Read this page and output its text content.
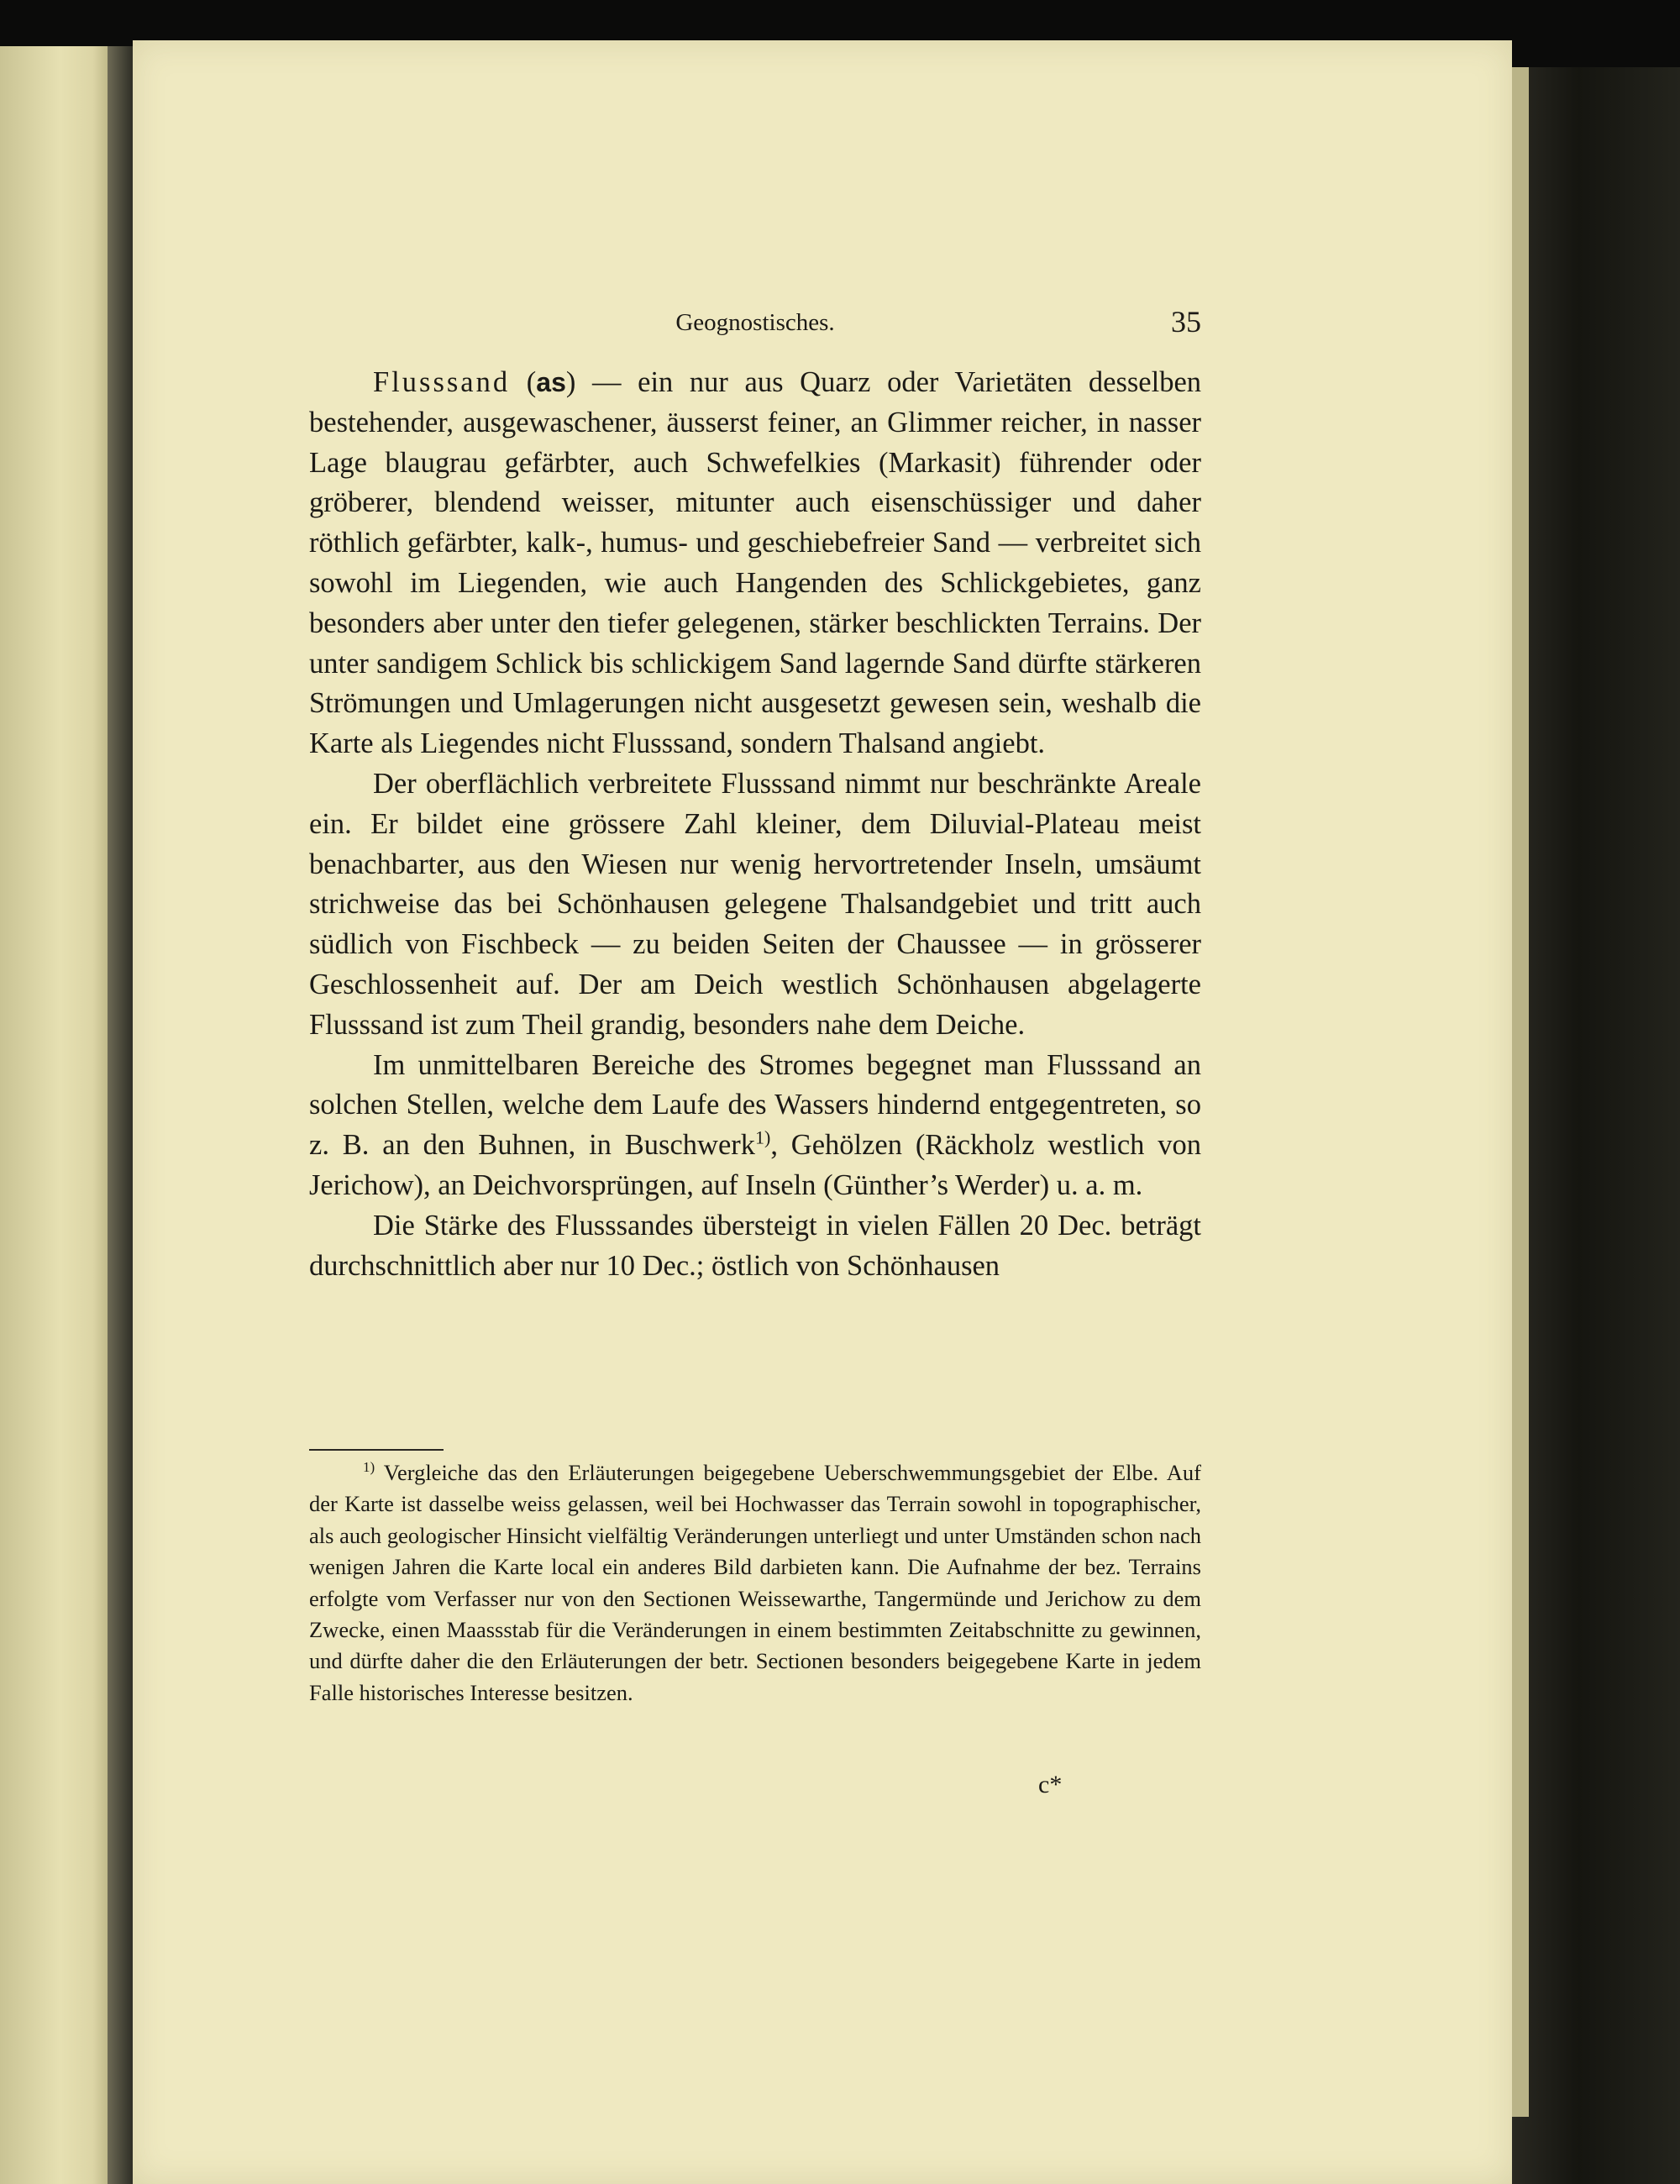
Geognostisches.	35

Flusssand (as) — ein nur aus Quarz oder Varietäten desselben bestehender, ausgewaschener, äusserst feiner, an Glimmer reicher, in nasser Lage blaugrau gefärbter, auch Schwefelkies (Markasit) führender oder gröberer, blendend weisser, mitunter auch eisenschüssiger und daher röthlich gefärbter, kalk-, humus- und geschiebefreier Sand — verbreitet sich sowohl im Liegenden, wie auch Hangenden des Schlickgebietes, ganz besonders aber unter den tiefer gelegenen, stärker beschlickten Terrains. Der unter sandigem Schlick bis schlickigem Sand lagernde Sand dürfte stärkeren Strömungen und Umlagerungen nicht ausgesetzt gewesen sein, weshalb die Karte als Liegendes nicht Flusssand, sondern Thalsand angiebt.

Der oberflächlich verbreitete Flusssand nimmt nur beschränkte Areale ein. Er bildet eine grössere Zahl kleiner, dem Diluvial-Plateau meist benachbarter, aus den Wiesen nur wenig hervortretender Inseln, umsäumt strichweise das bei Schönhausen gelegene Thalsandgebiet und tritt auch südlich von Fischbeck — zu beiden Seiten der Chaussee — in grösserer Geschlossenheit auf. Der am Deich westlich Schönhausen abgelagerte Flusssand ist zum Theil grandig, besonders nahe dem Deiche.

Im unmittelbaren Bereiche des Stromes begegnet man Flusssand an solchen Stellen, welche dem Laufe des Wassers hindernd entgegentreten, so z. B. an den Buhnen, in Buschwerk$^{1)}$, Gehölzen (Räckholz westlich von Jerichow), an Deichvorsprüngen, auf Inseln (Günther’s Werder) u. a. m.

Die Stärke des Flusssandes übersteigt in vielen Fällen 20 Dec. beträgt durchschnittlich aber nur 10 Dec.; östlich von Schönhausen

$^{1)}$ Vergleiche das den Erläuterungen beigegebene Ueberschwemmungsgebiet der Elbe. Auf der Karte ist dasselbe weiss gelassen, weil bei Hochwasser das Terrain sowohl in topographischer, als auch geologischer Hinsicht vielfältig Veränderungen unterliegt und unter Umständen schon nach wenigen Jahren die Karte local ein anderes Bild darbieten kann. Die Aufnahme der bez. Terrains erfolgte vom Verfasser nur von den Sectionen Weissewarthe, Tangermünde und Jerichow zu dem Zwecke, einen Maassstab für die Veränderungen in einem bestimmten Zeitabschnitte zu gewinnen, und dürfte daher die den Erläuterungen der betr. Sectionen besonders beigegebene Karte in jedem Falle historisches Interesse besitzen.

c*
